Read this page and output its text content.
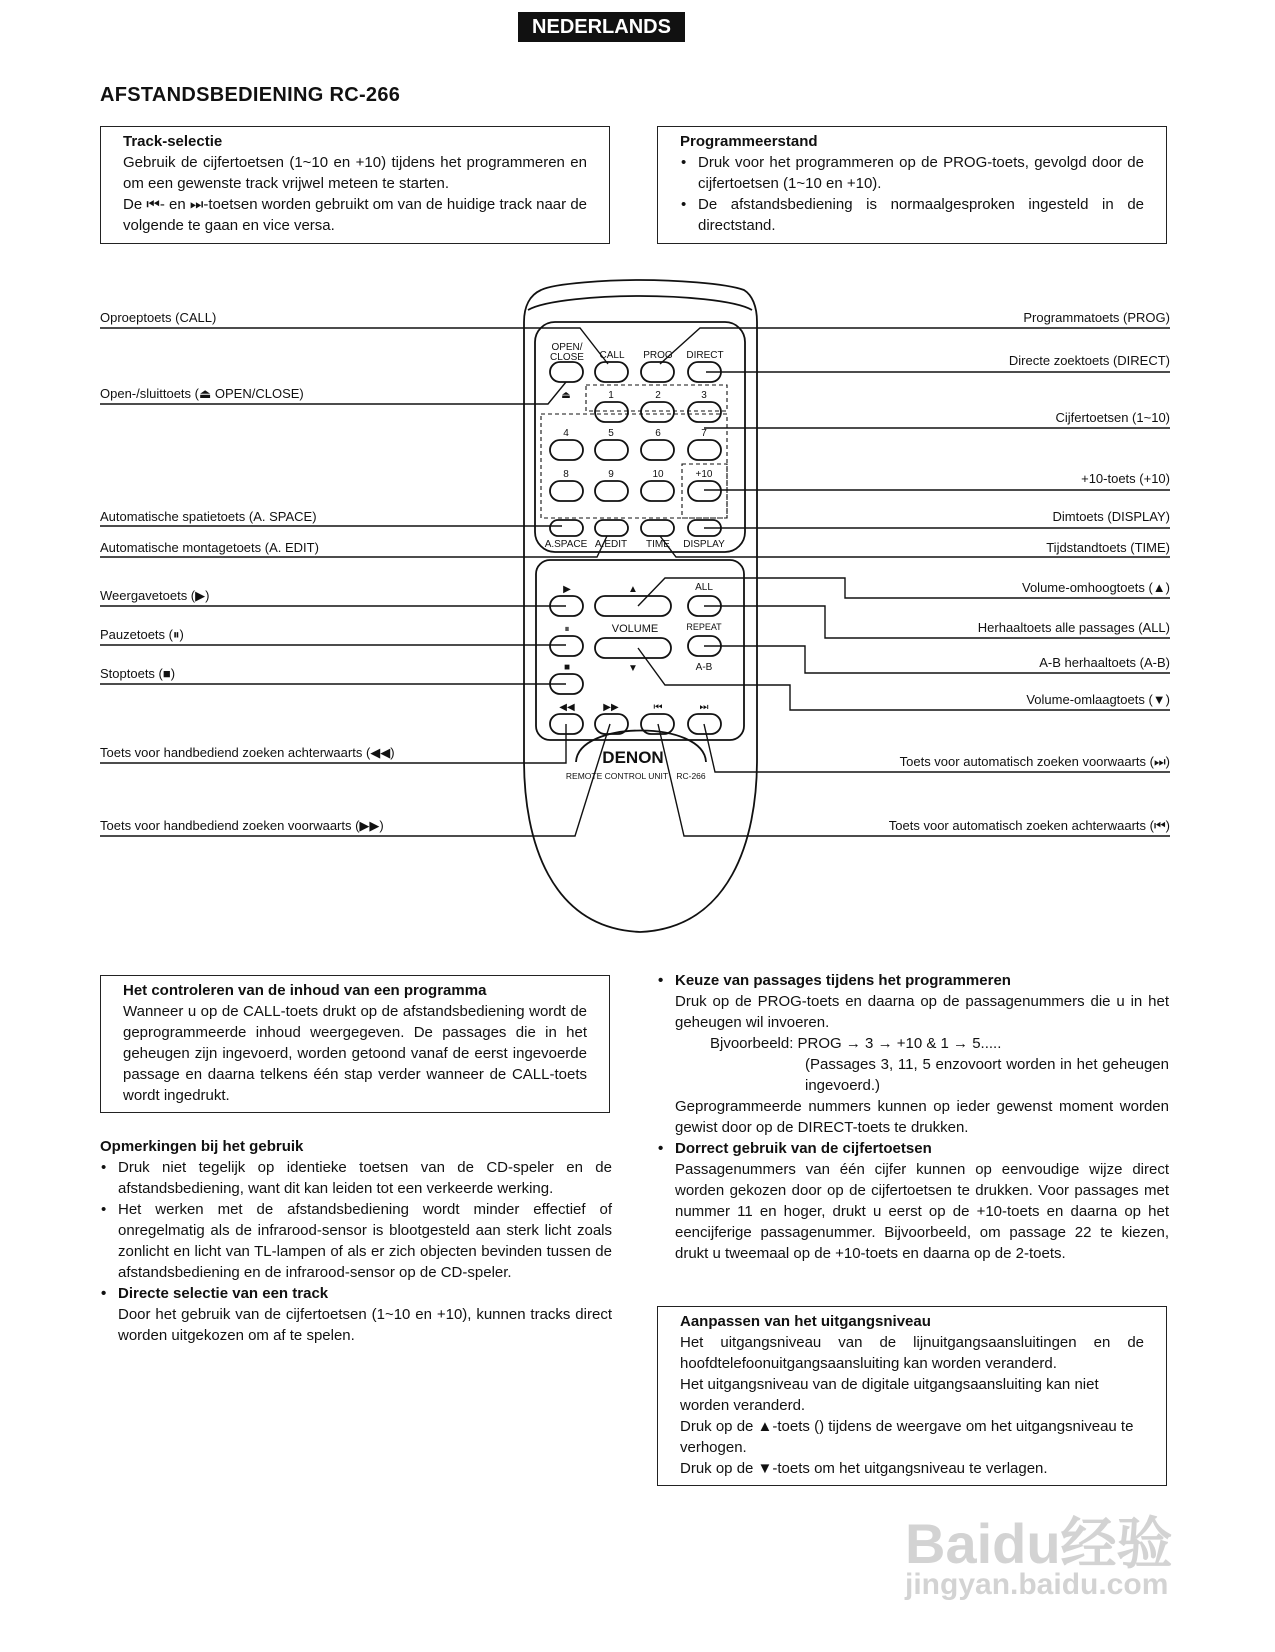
NEDERLANDS
AFSTANDSBEDIENING RC-266
Track-selectie

Gebruik de cijfertoetsen (1~10 en +10) tijdens het programmeren en om een gewenste track vrijwel meteen te starten.

De ⏮- en ⏭-toetsen worden gebruikt om van de huidige track naar de volgende te gaan en vice versa.

Programmeerstand
• Druk voor het programmeren op de PROG-toets, gevolgd door de cijfertoetsen (1~10 en +10).
• De afstandsbediening is normaalgesproken ingesteld in de directstand.
OPEN/
CLOSE CALL PROG DIRECT
⏏	1	2	3
4	5	6	7
8	9	10	+10
A.SPACE A.EDIT TIME DISPLAY
▶	▲	ALL
⏸	VOLUME	REPEAT
■	▼	A-B
◀◀	▶▶	⏮	⏭
DENON
REMOTE CONTROL UNIT RC-266
Oproeptoets (CALL)
Open-/sluittoets (⏏ OPEN/CLOSE)
Automatische spatietoets (A. SPACE)
Automatische montagetoets (A. EDIT)
Weergavetoets (▶)
Pauzetoets (⏸)
Stoptoets (■)
Toets voor handbediend zoeken achterwaarts (◀◀)
Toets voor handbediend zoeken voorwaarts (▶▶)
Programmatoets (PROG)
Directe zoektoets (DIRECT)
Cijfertoetsen (1~10)
+10-toets (+10)
Dimtoets (DISPLAY)
Tijdstandtoets (TIME)
Volume-omhoogtoets (▲)
Herhaaltoets alle passages (ALL)
A-B herhaaltoets (A-B)
Volume-omlaagtoets (▼)
Toets voor automatisch zoeken voorwaarts (⏭)
Toets voor automatisch zoeken achterwaarts (⏮)
Het controleren van de inhoud van een programma

Wanneer u op de CALL-toets drukt op de afstandsbediening wordt de geprogrammeerde inhoud weergegeven. De passages die in het geheugen zijn ingevoerd, worden getoond vanaf de eerst ingevoerde passage en daarna telkens één stap verder wanneer de CALL-toets wordt ingedrukt.

Opmerkingen bij het gebruik
• Druk niet tegelijk op identieke toetsen van de CD-speler en de afstandsbediening, want dit kan leiden tot een verkeerde werking.
• Het werken met de afstandsbediening wordt minder effectief of onregelmatig als de infrarood-sensor is blootgesteld aan sterk licht zoals zonlicht en licht van TL-lampen of als er zich objecten bevinden tussen de afstandsbediening en de infrarood-sensor op de CD-speler.
• Directe selectie van een track

Door het gebruik van de cijfertoetsen (1~10 en +10), kunnen tracks direct worden uitgekozen om af te spelen.

• Keuze van passages tijdens het programmeren

Druk op de PROG-toets en daarna op de passagenummers die u in het geheugen wil invoeren.

Bjvoorbeeld: PROG → 3 → +10 & 1 → 5.....

(Passages 3, 11, 5 enzovoort worden in het geheugen ingevoerd.)

Geprogrammeerde nummers kunnen op ieder gewenst moment worden gewist door op de DIRECT-toets te drukken.

• Dorrect gebruik van de cijfertoetsen

Passagenummers van één cijfer kunnen op eenvoudige wijze direct worden gekozen door op de cijfertoetsen te drukken. Voor passages met nummer 11 en hoger, drukt u eerst op de +10-toets en daarna op het eencijferige passagenummer. Bijvoorbeeld, om passage 22 te kiezen, drukt u tweemaal op de +10-toets en daarna op de 2-toets.

Aanpassen van het uitgangsniveau

Het uitgangsniveau van de lijnuitgangsaansluitingen en de hoofdtelefoonuitgangsaansluiting kan worden veranderd.

Het uitgangsniveau van de digitale uitgangsaansluiting kan niet worden veranderd.

Druk op de ▲-toets () tijdens de weergave om het uitgangsniveau te verhogen.

Druk op de ▼-toets om het uitgangsniveau te verlagen.

Baidu经验
jingyan.baidu.com
